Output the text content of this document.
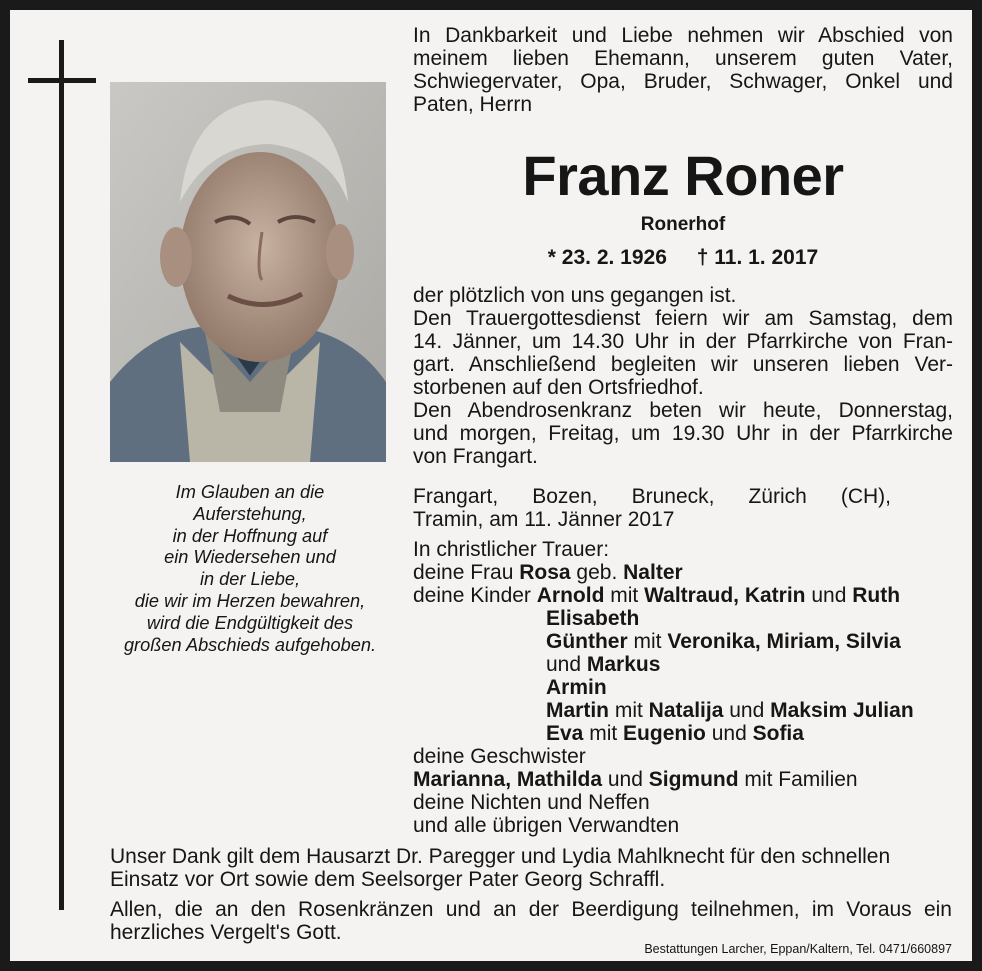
Im Glauben an die
Auferstehung,
in der Hoffnung auf
ein Wiedersehen und
in der Liebe,
die wir im Herzen bewahren,
wird die Endgültigkeit des
großen Abschieds aufgehoben.
In Dankbarkeit und Liebe nehmen wir Abschied von
meinem lieben Ehemann, unserem guten Vater,
Schwiegervater, Opa, Bruder, Schwager, Onkel und
Paten, Herrn
Franz Roner
Ronerhof
* 23. 2. 1926 † 11. 1. 2017
der plötzlich von uns gegangen ist.
Den Trauergottesdienst feiern wir am Samstag, dem
14. Jänner, um 14.30 Uhr in der Pfarrkirche von Fran-
gart. Anschließend begleiten wir unseren lieben Ver-
storbenen auf den Ortsfriedhof.
Den Abendrosenkranz beten wir heute, Donnerstag,
und morgen, Freitag, um 19.30 Uhr in der Pfarrkirche
von Frangart.
Frangart, Bozen, Bruneck, Zürich (CH),
Tramin, am 11. Jänner 2017
In christlicher Trauer:
deine Frau Rosa geb. Nalter
deine Kinder Arnold mit Waltraud, Katrin und Ruth
Elisabeth
Günther mit Veronika, Miriam, Silvia
und Markus
Armin
Martin mit Natalija und Maksim Julian
Eva mit Eugenio und Sofia
deine Geschwister
Marianna, Mathilda und Sigmund mit Familien
deine Nichten und Neffen
und alle übrigen Verwandten
Unser Dank gilt dem Hausarzt Dr. Paregger und Lydia Mahlknecht für den schnellen
Einsatz vor Ort sowie dem Seelsorger Pater Georg Schraffl.
Allen, die an den Rosenkränzen und an der Beerdigung teilnehmen, im Voraus ein
herzliches Vergelt's Gott.
Bestattungen Larcher, Eppan/Kaltern, Tel. 0471/660897
